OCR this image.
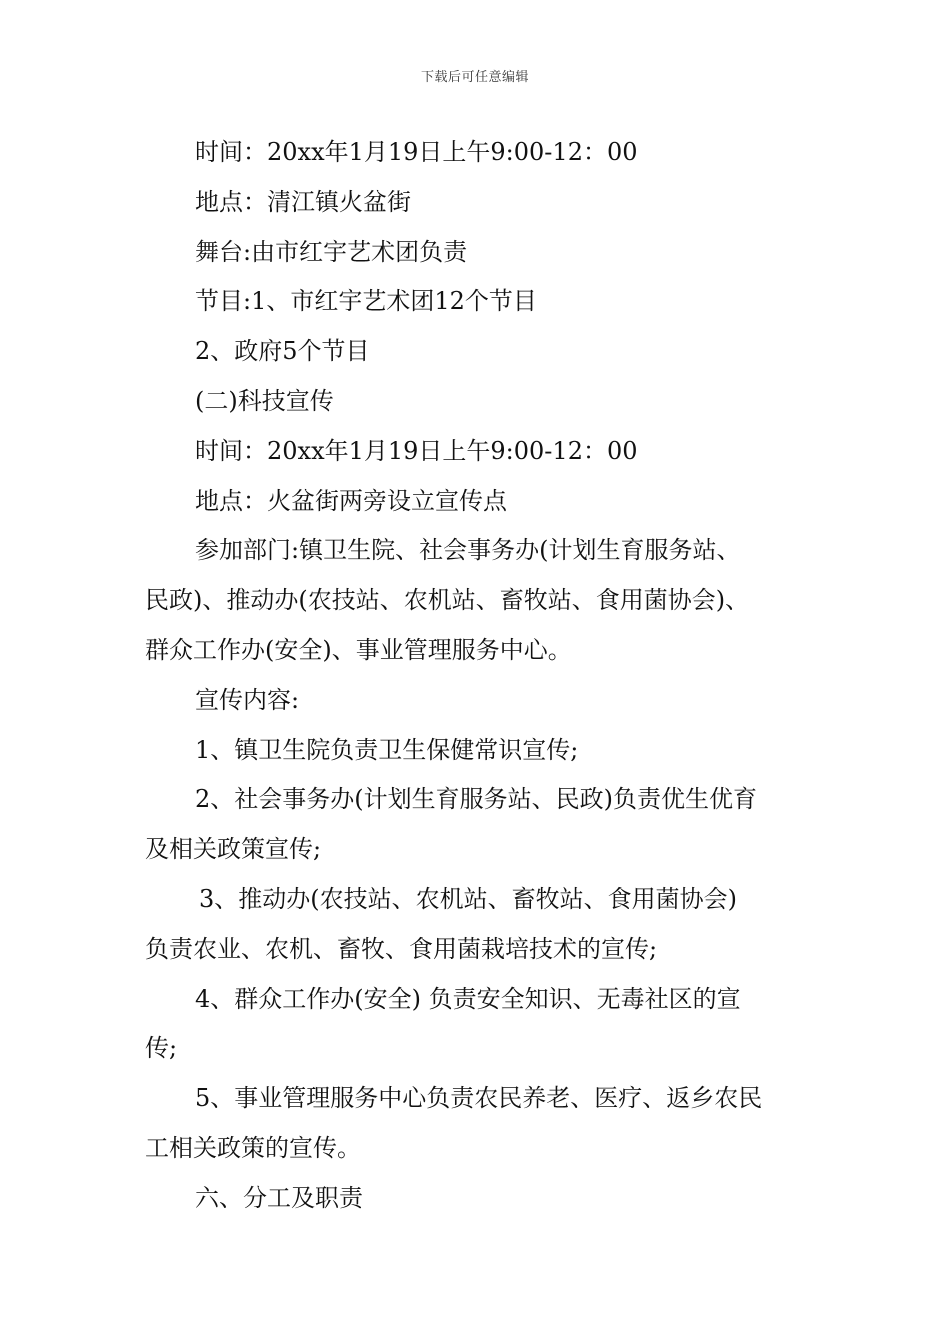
下载后可任意编辑
时间：20xx年1月19日上午9:00-12：00
地点：清江镇火盆街
舞台:由市红宇艺术团负责
节目:1、市红宇艺术团12个节目
2、政府5个节目
(二)科技宣传
时间：20xx年1月19日上午9:00-12：00
地点：火盆街两旁设立宣传点
参加部门:镇卫生院、社会事务办(计划生育服务站、
民政)、推动办(农技站、农机站、畜牧站、食用菌协会)、
群众工作办(安全)、事业管理服务中心。
宣传内容:
1、镇卫生院负责卫生保健常识宣传;
2、社会事务办(计划生育服务站、民政)负责优生优育
及相关政策宣传;
3、推动办(农技站、农机站、畜牧站、食用菌协会)
负责农业、农机、畜牧、食用菌栽培技术的宣传;
4、群众工作办(安全) 负责安全知识、无毒社区的宣
传;
5、事业管理服务中心负责农民养老、医疗、返乡农民
工相关政策的宣传。
六、分工及职责
